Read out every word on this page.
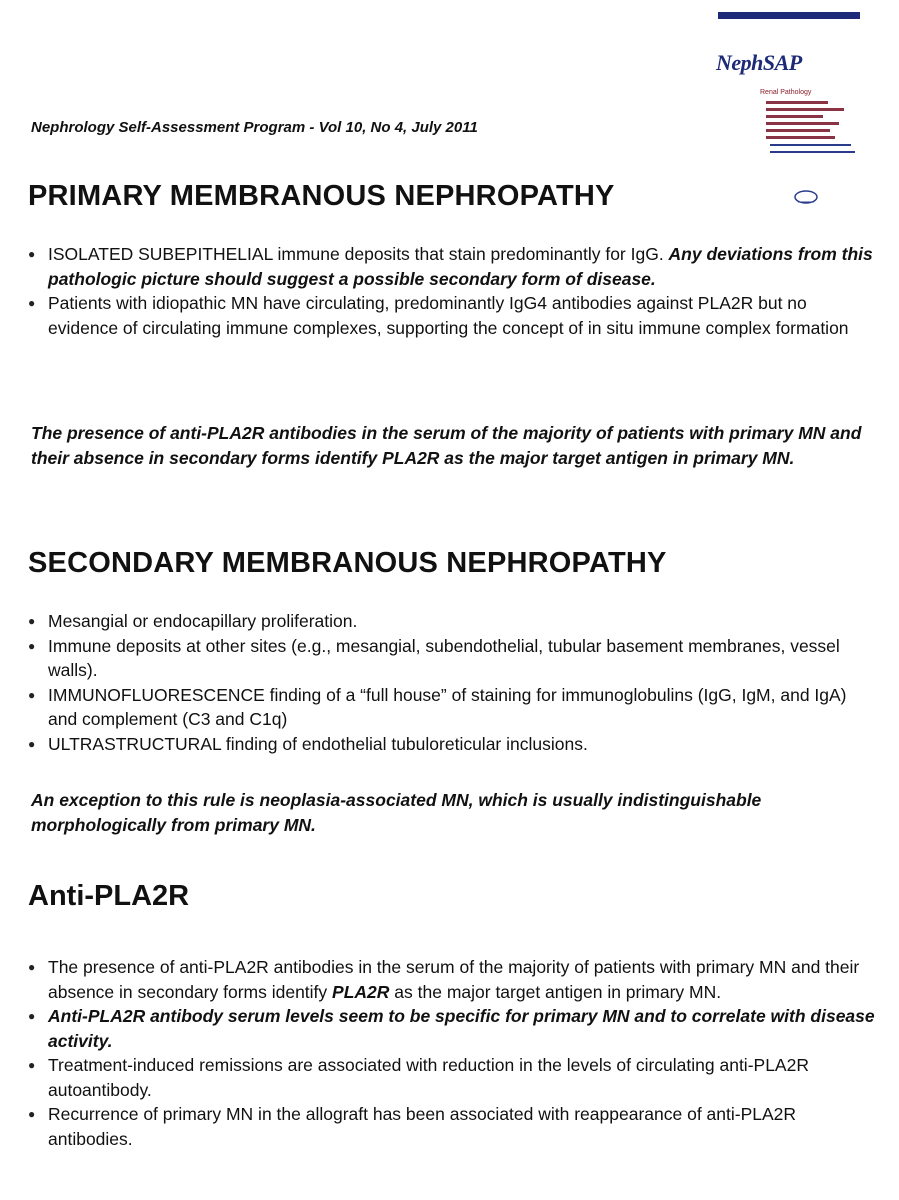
NephSAP
Renal Pathology
Nephrology Self-Assessment Program - Vol 10, No 4, July 2011
PRIMARY MEMBRANOUS NEPHROPATHY
● ISOLATED SUBEPITHELIAL immune deposits that stain predominantly for IgG. Any deviations from this pathologic picture should suggest a possible secondary form of disease.
● Patients with idiopathic MN have circulating, predominantly IgG4 antibodies against PLA2R but no evidence of circulating immune complexes, supporting the concept of in situ immune complex formation
The presence of anti-PLA2R antibodies in the serum of the majority of patients with primary MN and their absence in secondary forms identify PLA2R as the major target antigen in primary MN.
SECONDARY MEMBRANOUS NEPHROPATHY
● Mesangial or endocapillary proliferation.
● Immune deposits at other sites (e.g., mesangial, subendothelial, tubular basement membranes, vessel walls).
● IMMUNOFLUORESCENCE finding of a “full house” of staining for immunoglobulins (IgG, IgM, and IgA) and complement (C3 and C1q)
● ULTRASTRUCTURAL finding of endothelial tubuloreticular inclusions.
An exception to this rule is neoplasia-associated MN, which is usually indistinguishable morphologically from primary MN.
Anti-PLA2R
● The presence of anti-PLA2R antibodies in the serum of the majority of patients with primary MN and their absence in secondary forms identify PLA2R as the major target antigen in primary MN.
● Anti-PLA2R antibody serum levels seem to be specific for primary MN and to correlate with disease activity.
● Treatment-induced remissions are associated with reduction in the levels of circulating anti-PLA2R autoantibody.
● Recurrence of primary MN in the allograft has been associated with reappearance of anti-PLA2R antibodies.
